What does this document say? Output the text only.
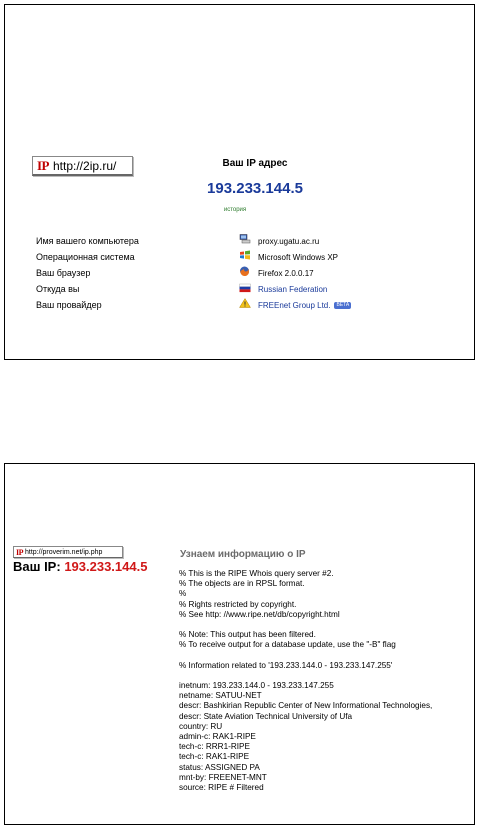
IP http://2ip.ru/	Ваш IP адрес
193.233.144.5
история
Имя вашего компьютера	proxy.ugatu.ac.ru
Операционная система	Microsoft Windows XP
Ваш браузер	Firefox 2.0.0.17
Откуда вы	Russian Federation
Ваш провайдер	FREEnet Group Ltd. BETA
IP http://proverim.net/ip.php
Ваш IP: 193.233.144.5
Узнаем информацию о IP
% This is the RIPE Whois query server #2.
% The objects are in RPSL format.
%
% Rights restricted by copyright.
% See http: //www.ripe.net/db/copyright.html
% Note: This output has been filtered.
% To receive output for a database update, use the "-B" flag
% Information related to '193.233.144.0 - 193.233.147.255'
inetnum: 193.233.144.0 - 193.233.147.255
netname: SATUU-NET
descr: Bashkirian Republic Center of New Informational Technologies,
descr: State Aviation Technical University of Ufa
country: RU
admin-c: RAK1-RIPE
tech-c: RRR1-RIPE
tech-c: RAK1-RIPE
status: ASSIGNED PA
mnt-by: FREENET-MNT
source: RIPE # Filtered
